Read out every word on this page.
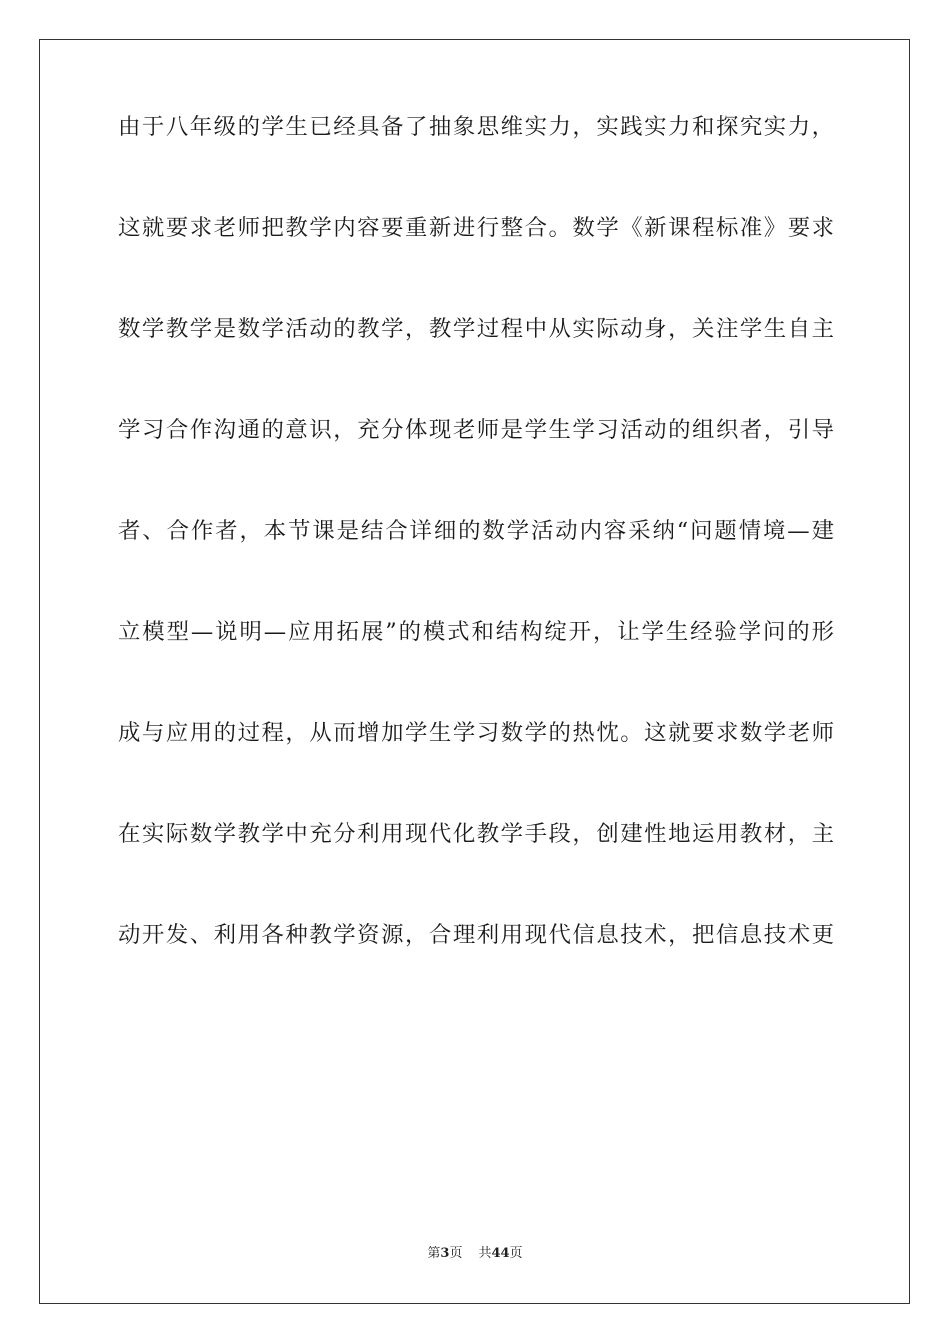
由于八年级的学生已经具备了抽象思维实力，实践实力和探究实力，
这就要求老师把教学内容要重新进行整合。数学《新课程标准》要求
数学教学是数学活动的教学，教学过程中从实际动身，关注学生自主
学习合作沟通的意识，充分体现老师是学生学习活动的组织者，引导
者、合作者，本节课是结合详细的数学活动内容采纳“问题情境—建
立模型—说明—应用拓展”的模式和结构绽开，让学生经验学问的形
成与应用的过程，从而增加学生学习数学的热忱。这就要求数学老师
在实际数学教学中充分利用现代化教学手段，创建性地运用教材，主
动开发、利用各种教学资源，合理利用现代信息技术，把信息技术更
第3页 共44页
